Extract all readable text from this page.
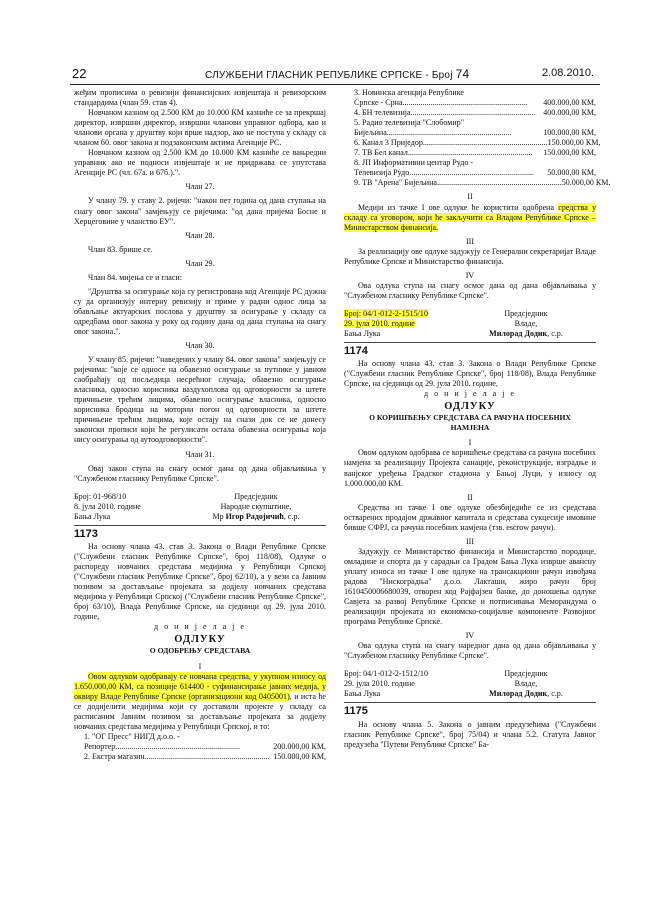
22	СЛУЖБЕНИ ГЛАСНИК РЕПУБЛИКЕ СРПСКЕ - Број 74	2.08.2010.

жеђим прописима о ревизији финансијских извјештаја и ревизорским стандардима (члан 59. став 4).

Новчаном казном од 2.500 КМ до 10.000 КМ казниће се за прекршај директор, извршни директор, извршни чланови управног одбора, као и чланови органа у друштву који врше надзор, ако не поступа у складу са чланом 60. овог закона и подзаконским актима Агенције РС.

Новчаном казном од 2.500 КМ до 10.000 КМ казниће се вањредни управник ако не подноси извјештаје и не придржава се упутстава Агенције РС (чл. 67а. и 67б.).".

Члан 27.

У члану 79. у ставу 2. ријечи: "након пет година од дана ступања на снагу овог закона" замјењују се ријечима: "од дана пријема Босне и Херцеговине у чланство ЕУ".

Члан 28.

Члан 83. брише се.

Члан 29.

Члан 84. мијења се и гласи:

"Друштва за осигурање која су регистрована код Агенције РС дужна су да организују интерну ревизију и приме у радни однос лица за обављање актуарских послова у друштву за осигурање у складу са одредбама овог закона у року од годину дана од дана ступања на снагу овог закона.".

Члан 30.

У члану 85. ријечи: "наведених у члану 84. овог закона" замјењују се ријечима: "које се односе на обавезно осигурање за путнике у јавном саобраћају од посљедица несрећног случаја, обавезно осигурање власника, односно корисника ваздухоплова од одговорности за штете причињене трећим лицима, обавезно осигурање власника, односно корисника бродица на моторни погон од одговорности за штете причињене трећим лицима, које остају на снази док се не донесу законски прописи који ће регулисати остала обавезна осигурања која нису осигурања од аутоодговорности".

Члан 31.

Овај закон ступа на снагу осмог дана од дана објављивања у "Службеном гласнику Републике Српске".

Број: 01-968/10	Предсједник
8. јула 2010. године	Народне скупштине,
Бања Лука	Мр Игор Радојичић, с.р.
1173

На основу члана 43. став 3. Закона о Влади Републике Српске ("Службени гласник Републике Српске", број 118/08), Одлуке о распореду новчаних средстава медијима у Републици Српској ("Службени гласник Републике Српске", број 62/10), а у вези са Јавним позивом за достављање пројеката за додјелу новчаних средстава медијима у Републици Српској ("Службени гласник Републике Српске", број 63/10), Влада Републике Српске, на сједници од 29. јула 2010. године,

д о н и ј е л а ј е

ОДЛУКУ
О ОДОБРЕЊУ СРЕДСТАВА

I

Овом одлуком одобравају се новчана средства, у укупном износу од 1.650.000,00 КМ, са позиције 614400 - суфинансирање јавних медија, у оквиру Владе Републике Српске (организациони код 0405001), и иста ће се додијелити медијима који су доставили пројекте у складу са расписаним Јавним позивом за достављање пројеката за додјелу новчаних средстава медијима у Републици Српској, и то:

1. "ОГ Пресс" НИГД д.о.о. -
Репортер..............................................................	200.000,00 КМ,
2. Екстра магазин.............................................................. 150.000,00 КМ,
3. Новинска агенција Републике
Српске - Срна..............................................................	400.000,00 КМ,
4. БН телевизија.............................................................. 400.000,00 КМ,
5. Радио телевизија "Слобомир"
Бијељина..............................................................	100.000,00 КМ,
6. Канал 3 Приједор.............................................................. 150.000,00 КМ,
7. ТВ Бел канал..............................................................	150.000,00 КМ,
8. ЈП Информативни центар Рудо -
Телевизија Рудо..............................................................	50.000,00 КМ,
9. ТВ "Арена" Бијељина.............................................................. 50.000,00 КМ.

II

Медији из тачке I ове одлуке ће користити одобрена средства у складу са уговором, који ће закључити са Владом Републике Српске – Министарством финансија.

III

За реализацију ове одлуке задужују се Генерални секретаријат Владе Републике Српске и Министарство финансија.

IV

Ова одлука ступа на снагу осмог дана од дана објављивања у "Службеном гласнику Републике Српске".

Број: 04/1-012-2-1515/10	Предсједник
29. јула 2010. године	Владе,
Бања Лука	Милорад Додик, с.р.
1174

На основу члана 43. став 3. Закона о Влади Републике Српске ("Службени гласник Републике Српске", број 118/08), Влада Републике Српске, на сједници од 29. јула 2010. године,

д о н и ј е л а ј е

ОДЛУКУ
О КОРИШЋЕЊУ СРЕДСТАВА СА РАЧУНА ПОСЕБНИХ НАМЈЕНА

I

Овом одлуком одобрава се коришћење средстава са рачуна посебних намјена за реализацију Пројекта санације, реконструкције, изградње и ванјског уређења Градског стадиона у Бањој Луци, у износу од 1.000.000,00 КМ.

II

Средства из тачке I ове одлуке обезбиједиће се из средстава остварених продајом државног капитала и средстава сукцесије имовине бивше СФРЈ, са рачуна посебних намјена (тзв. escrow рачун).

III

Задужују се Министарство финансија и Министарство породице, омладине и спорта да у сарадњи са Градом Бања Лука изврше авансну уплату износа из тачке I ове одлуке на трансакциони рачун извођача радова "Нискоградња" д.о.о. Лакташи, жиро рачун број 1610450006680039, отворен код Рајфајзен банке, до доношења одлуке Савјета за развој Републике Српске и потписивања Меморандума о реализацији пројеката из економско-социјалне компоненте Развојног програма Републике Српске.

IV

Ова одлука ступа на снагу наредног дана од дана објављивања у "Службеном гласнику Републике Српске".

Број: 04/1-012-2-1512/10	Предсједник
29. јула 2010. године	Владе,
Бања Лука	Милорад Додик, с.р.
1175

На основу члана 5. Закона о јавним предузећима ("Службени гласник Републике Српске", број 75/04) и члана 5.2. Статута Јавног предузећа "Путеви Републике Српске" Ба-
